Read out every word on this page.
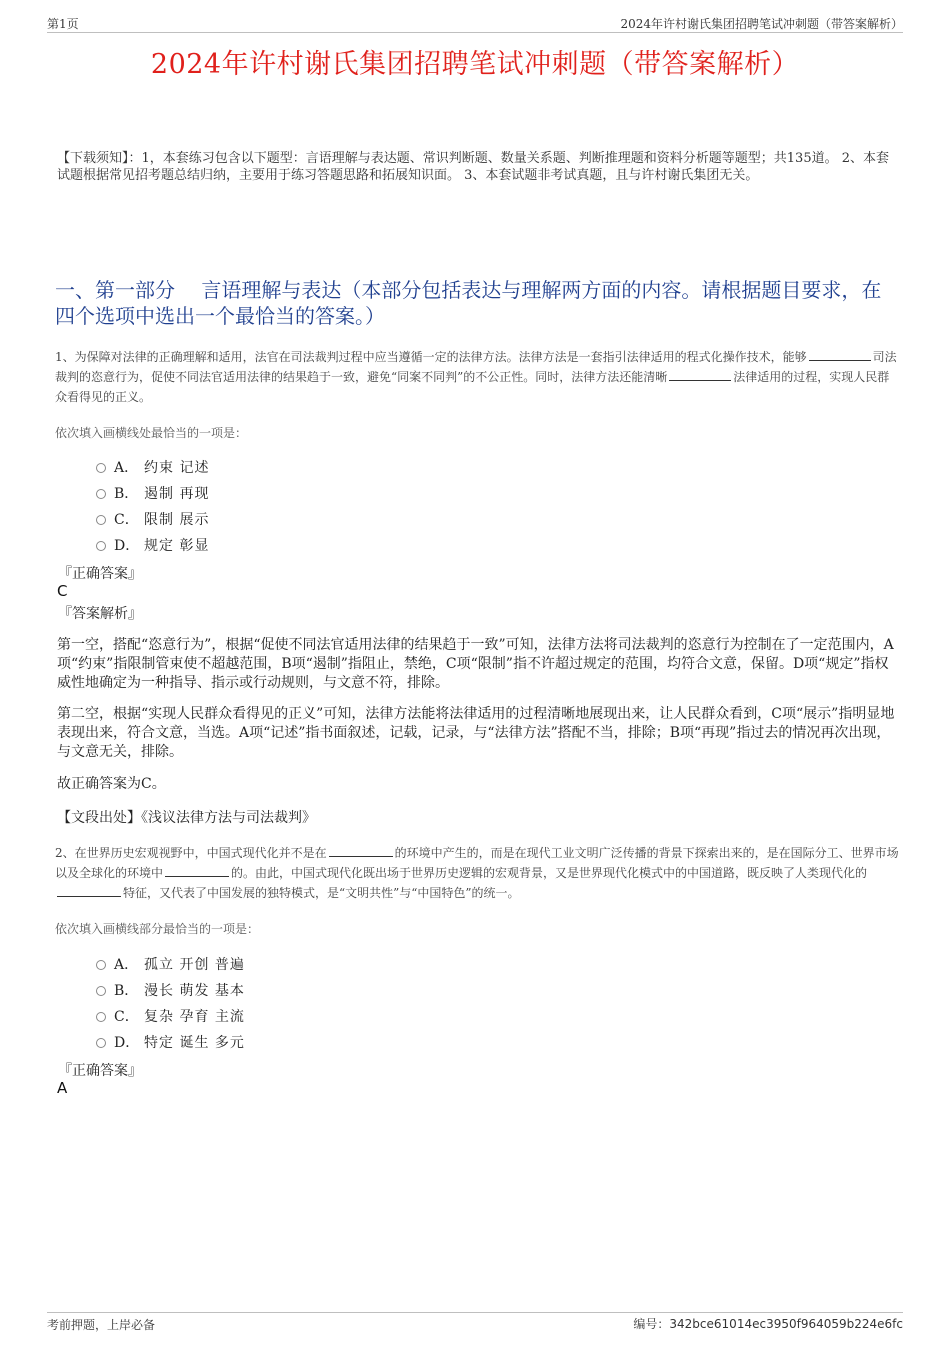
第1页	2024年许村谢氏集团招聘笔试冲刺题（带答案解析）
2024年许村谢氏集团招聘笔试冲刺题（带答案解析）
【下载须知】：1，本套练习包含以下题型：言语理解与表达题、常识判断题、数量关系题、判断推理题和资料分析题等题型；共135道。 2、本套试题根据常见招考题总结归纳，主要用于练习答题思路和拓展知识面。 3、本套试题非考试真题，且与许村谢氏集团无关。
一、第一部分　 言语理解与表达（本部分包括表达与理解两方面的内容。请根据题目要求，在四个选项中选出一个最恰当的答案。）
1、为保障对法律的正确理解和适用，法官在司法裁判过程中应当遵循一定的法律方法。法律方法是一套指引法律适用的程式化操作技术，能够	司法裁判的恣意行为，促使不同法官适用法律的结果趋于一致，避免“同案不同判”的不公正性。同时，法律方法还能清晰	法律适用的过程，实现人民群众看得见的正义。
依次填入画横线处最恰当的一项是：
A． 约束 记述
B． 遏制 再现
C． 限制 展示
D． 规定 彰显
『正确答案』
C
『答案解析』
第一空，搭配“恣意行为”，根据“促使不同法官适用法律的结果趋于一致”可知，法律方法将司法裁判的恣意行为控制在了一定范围内，A项“约束”指限制管束使不超越范围，B项“遏制”指阻止，禁绝，C项“限制”指不许超过规定的范围，均符合文意，保留。D项“规定”指权威性地确定为一种指导、指示或行动规则，与文意不符，排除。
第二空，根据“实现人民群众看得见的正义”可知，法律方法能将法律适用的过程清晰地展现出来，让人民群众看到，C项“展示”指明显地表现出来，符合文意，当选。A项“记述”指书面叙述，记载，记录，与“法律方法”搭配不当，排除；B项“再现”指过去的情况再次出现，与文意无关，排除。
故正确答案为C。
【文段出处】《浅议法律方法与司法裁判》
2、在世界历史宏观视野中，中国式现代化并不是在	的环境中产生的，而是在现代工业文明广泛传播的背景下探索出来的，是在国际分工、世界市场以及全球化的环境中	的。由此，中国式现代化既出场于世界历史逻辑的宏观背景，又是世界现代化模式中的中国道路，既反映了人类现代化的特征，又代表了中国发展的独特模式，是“文明共性”与“中国特色”的统一。
依次填入画横线部分最恰当的一项是：
A． 孤立 开创 普遍
B． 漫长 萌发 基本
C． 复杂 孕育 主流
D． 特定 诞生 多元
『正确答案』
A
考前押题，上岸必备	编号：342bce61014ec3950f964059b224e6fc
